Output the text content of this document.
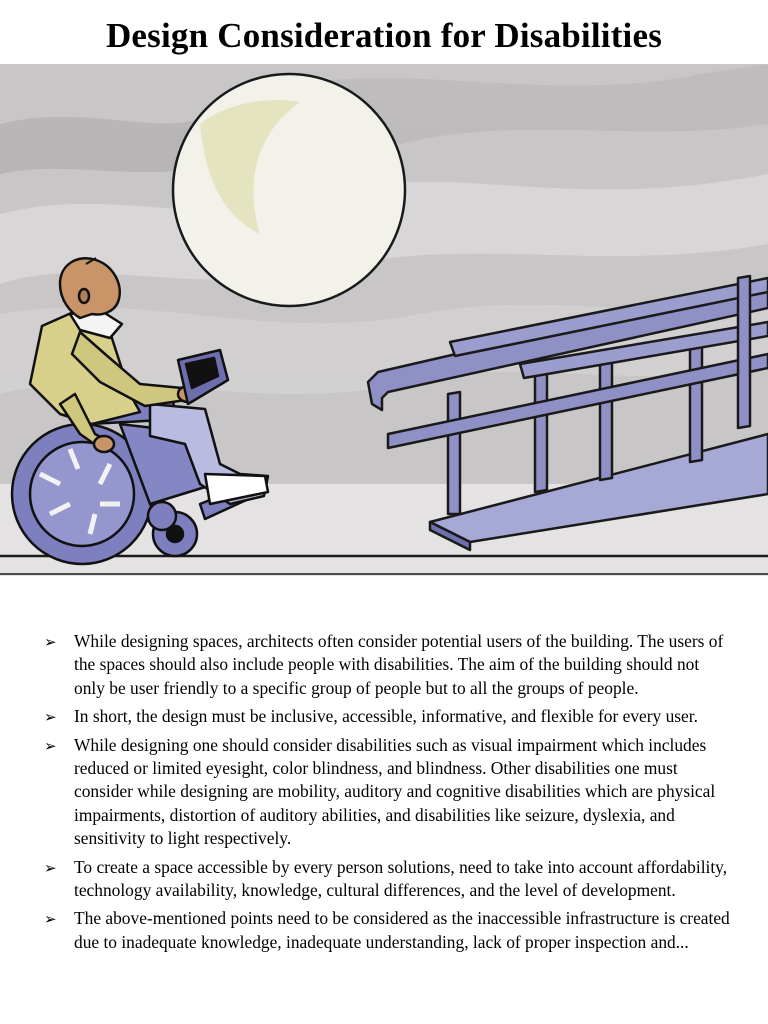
Design Consideration for Disabilities
➢	While designing spaces, architects often consider potential users of the building. The users of the spaces should also include people with disabilities. The aim of the building should not only be user friendly to a specific group of people but to all the groups of people.
➢	In short, the design must be inclusive, accessible, informative, and flexible for every user.
➢	While designing one should consider disabilities such as visual impairment which includes reduced or limited eyesight, color blindness, and blindness. Other disabilities one must consider while designing are mobility, auditory and cognitive disabilities which are physical impairments, distortion of auditory abilities, and disabilities like seizure, dyslexia, and sensitivity to light respectively.
➢	To create a space accessible by every person solutions, need to take into account affordability, technology availability, knowledge, cultural differences, and the level of development.
➢	The above-mentioned points need to be considered as the inaccessible infrastructure is created due to inadequate knowledge, inadequate understanding, lack of proper inspection and...
